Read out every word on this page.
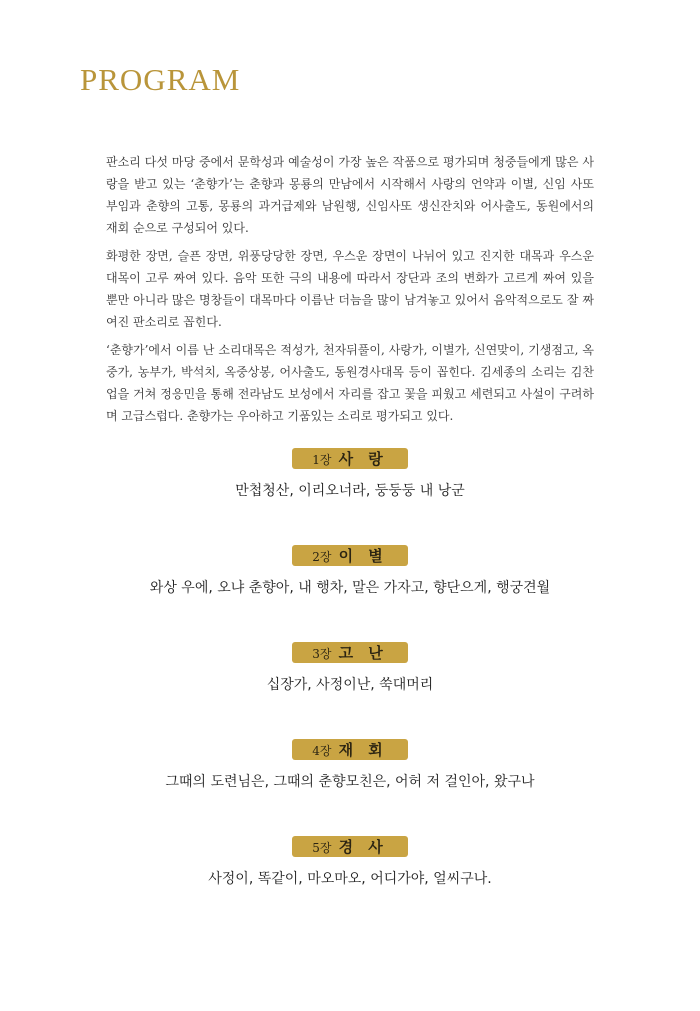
PROGRAM

판소리 다섯 마당 중에서 문학성과 예술성이 가장 높은 작품으로 평가되며 청중들에게 많은 사랑을 받고 있는 ‘춘향가’는 춘향과 몽룡의 만남에서 시작해서 사랑의 언약과 이별, 신임 사또 부임과 춘향의 고통, 몽룡의 과거급제와 남원행, 신임사또 생신잔치와 어사출도, 동원에서의 재회 순으로 구성되어 있다.

화평한 장면, 슬픈 장면, 위풍당당한 장면, 우스운 장면이 나뉘어 있고 진지한 대목과 우스운 대목이 고루 짜여 있다. 음악 또한 극의 내용에 따라서 장단과 조의 변화가 고르게 짜여 있을 뿐만 아니라 많은 명창들이 대목마다 이름난 더늠을 많이 남겨놓고 있어서 음악적으로도 잘 짜여진 판소리로 꼽힌다.

‘춘향가’에서 이름 난 소리대목은 적성가, 천자뒤풀이, 사랑가, 이별가, 신연맞이, 기생점고, 옥중가, 농부가, 박석치, 옥중상봉, 어사출도, 동원경사대목 등이 꼽힌다. 김세종의 소리는 김찬업을 거쳐 정응민을 통해 전라남도 보성에서 자리를 잡고 꽃을 피웠고 세련되고 사설이 구려하며 고급스럽다. 춘향가는 우아하고 기품있는 소리로 평가되고 있다.

1장 사 랑
만첩청산, 이리오너라, 둥둥둥 내 낭군
2장 이 별
와상 우에, 오냐 춘향아, 내 행차, 말은 가자고, 향단으게, 행궁견월
3장 고 난
십장가, 사정이난, 쑥대머리
4장 재 회
그때의 도련님은, 그때의 춘향모친은, 어허 저 걸인아, 왔구나
5장 경 사
사정이, 똑같이, 마오마오, 어디가야, 얼씨구나.
